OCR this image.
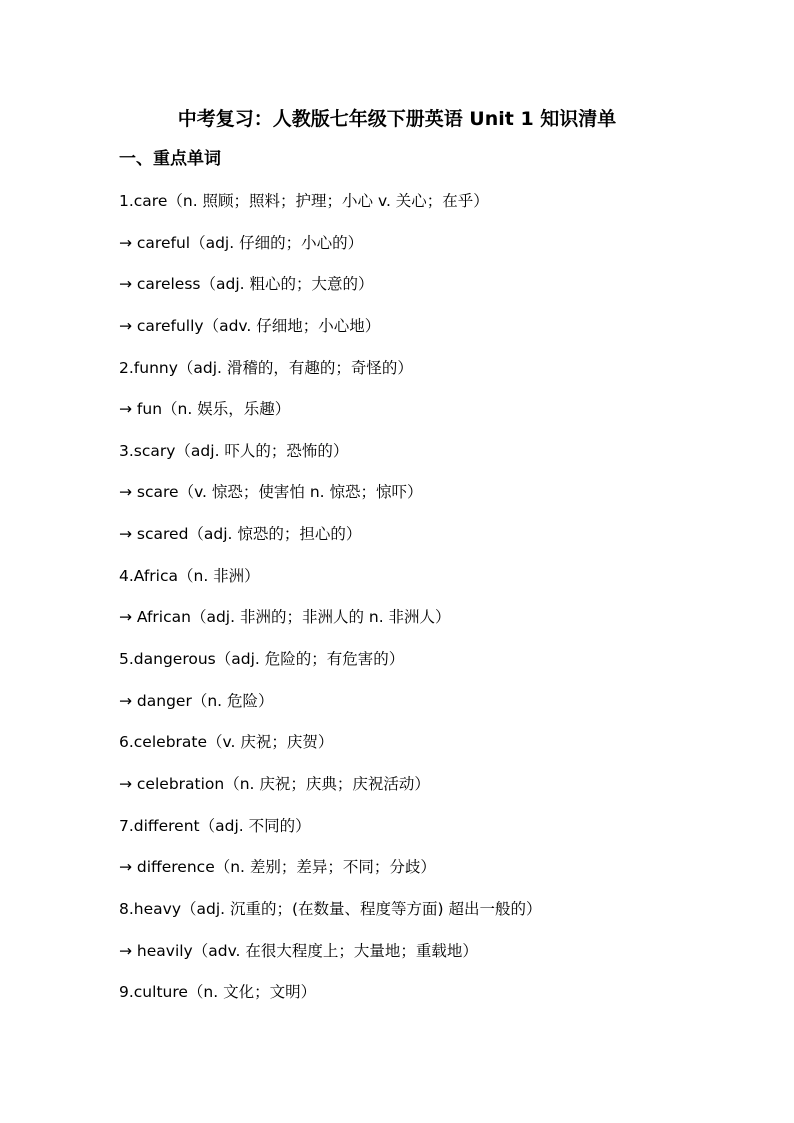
中考复习：人教版七年级下册英语 Unit 1 知识清单
一、重点单词
1.care（n. 照顾；照料；护理；小心 v. 关心；在乎）
→ careful（adj. 仔细的；小心的）
→ careless（adj. 粗心的；大意的）
→ carefully（adv. 仔细地；小心地）
2.funny（adj. 滑稽的，有趣的；奇怪的）
→ fun（n. 娱乐，乐趣）
3.scary（adj. 吓人的；恐怖的）
→ scare（v. 惊恐；使害怕 n. 惊恐；惊吓）
→ scared（adj. 惊恐的；担心的）
4.Africa（n. 非洲）
→ African（adj. 非洲的；非洲人的 n. 非洲人）
5.dangerous（adj. 危险的；有危害的）
→ danger（n. 危险）
6.celebrate（v. 庆祝；庆贺）
→ celebration（n. 庆祝；庆典；庆祝活动）
7.different（adj. 不同的）
→ difference（n. 差别；差异；不同；分歧）
8.heavy（adj. 沉重的；(在数量、程度等方面) 超出一般的）
→ heavily（adv. 在很大程度上；大量地；重载地）
9.culture（n. 文化；文明）
